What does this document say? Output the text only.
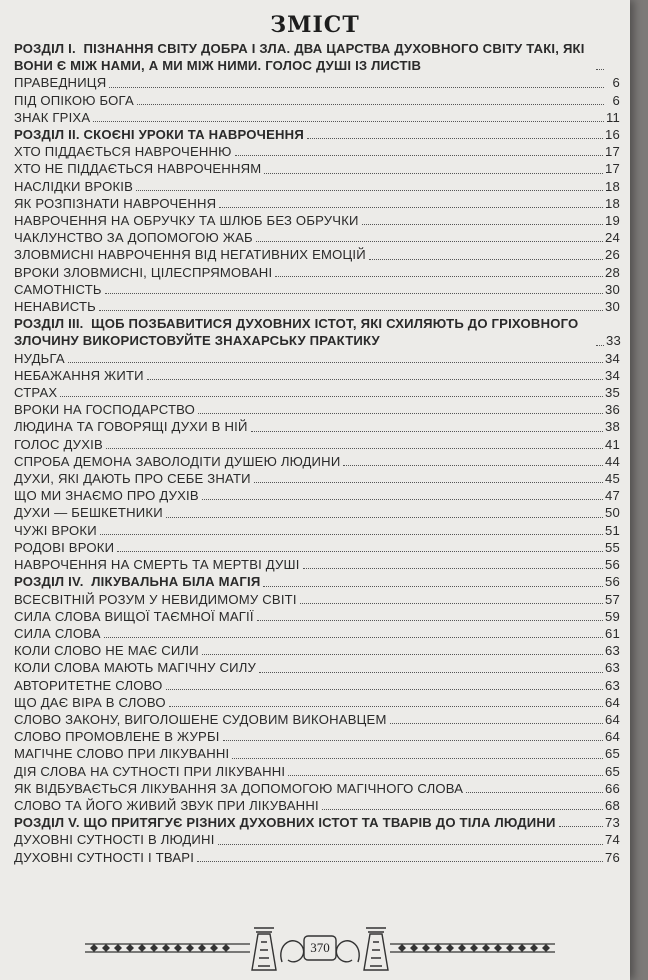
ЗМІСТ
РОЗДІЛ І.  ПІЗНАННЯ СВІТУ ДОБРА І ЗЛА. ДВА ЦАРСТВА ДУХОВНОГО СВІТУ ТАКІ, ЯКІ ВОНИ Є МІЖ НАМИ, А МИ МІЖ НИМИ. ГОЛОС ДУШІ ІЗ ЛИСТІВ
ПРАВЕДНИЦЯ	6
ПІД ОПІКОЮ БОГА	6
ЗНАК ГРІХА	11
РОЗДІЛ ІІ. СКОЄНІ УРОКИ ТА НАВРОЧЕННЯ	16
ХТО ПІДДАЄТЬСЯ НАВРОЧЕННЮ	17
ХТО НЕ ПІДДАЄТЬСЯ НАВРОЧЕННЯМ	17
НАСЛІДКИ ВРОКІВ	18
ЯК РОЗПІЗНАТИ НАВРОЧЕННЯ	18
НАВРОЧЕННЯ НА ОБРУЧКУ ТА ШЛЮБ БЕЗ ОБРУЧКИ	19
ЧАКЛУНСТВО ЗА ДОПОМОГОЮ ЖАБ	24
ЗЛОВМИСНІ НАВРОЧЕННЯ ВІД НЕГАТИВНИХ ЕМОЦІЙ	26
ВРОКИ ЗЛОВМИСНІ, ЦІЛЕСПРЯМОВАНІ	28
САМОТНІСТЬ	30
НЕНАВИСТЬ	30
РОЗДІЛ ІІІ.  ЩОБ ПОЗБАВИТИСЯ ДУХОВНИХ ІСТОТ, ЯКІ СХИЛЯЮТЬ ДО ГРІХОВНОГО ЗЛОЧИНУ ВИКОРИСТОВУЙТЕ ЗНАХАРСЬКУ ПРАКТИКУ	33
НУДЬГА	34
НЕБАЖАННЯ ЖИТИ	34
СТРАХ	35
ВРОКИ НА ГОСПОДАРСТВО	36
ЛЮДИНА ТА ГОВОРЯЩІ ДУХИ В НІЙ	38
ГОЛОС ДУХІВ	41
СПРОБА ДЕМОНА ЗАВОЛОДІТИ ДУШЕЮ ЛЮДИНИ	44
ДУХИ, ЯКІ ДАЮТЬ ПРО СЕБЕ ЗНАТИ	45
ЩО МИ ЗНАЄМО ПРО ДУХІВ	47
ДУХИ — БЕШКЕТНИКИ	50
ЧУЖІ ВРОКИ	51
РОДОВІ ВРОКИ	55
НАВРОЧЕННЯ НА СМЕРТЬ ТА МЕРТВІ ДУШІ	56
РОЗДІЛ IV.  ЛІКУВАЛЬНА БІЛА МАГІЯ	56
ВСЕСВІТНІЙ РОЗУМ У НЕВИДИМОМУ СВІТІ	57
СИЛА СЛОВА ВИЩОЇ ТАЄМНОЇ МАГІЇ	59
СИЛА СЛОВА	61
КОЛИ СЛОВО НЕ МАЄ СИЛИ	63
КОЛИ СЛОВА МАЮТЬ МАГІЧНУ СИЛУ	63
АВТОРИТЕТНЕ СЛОВО	63
ЩО ДАЄ ВІРА В СЛОВО	64
СЛОВО ЗАКОНУ, ВИГОЛОШЕНЕ СУДОВИМ ВИКОНАВЦЕМ	64
СЛОВО ПРОМОВЛЕНЕ В ЖУРБІ	64
МАГІЧНЕ СЛОВО ПРИ ЛІКУВАННІ	65
ДІЯ СЛОВА НА СУТНОСТІ ПРИ ЛІКУВАННІ	65
ЯК ВІДБУВАЄТЬСЯ ЛІКУВАННЯ ЗА ДОПОМОГОЮ МАГІЧНОГО СЛОВА	66
СЛОВО ТА ЙОГО ЖИВИЙ ЗВУК ПРИ ЛІКУВАННІ	68
РОЗДІЛ V. ЩО ПРИТЯГУЄ РІЗНИХ ДУХОВНИХ ІСТОТ ТА ТВАРІВ ДО ТІЛА ЛЮДИНИ	73
ДУХОВНІ СУТНОСТІ В ЛЮДИНІ	74
ДУХОВНІ СУТНОСТІ І ТВАРІ	76
370
